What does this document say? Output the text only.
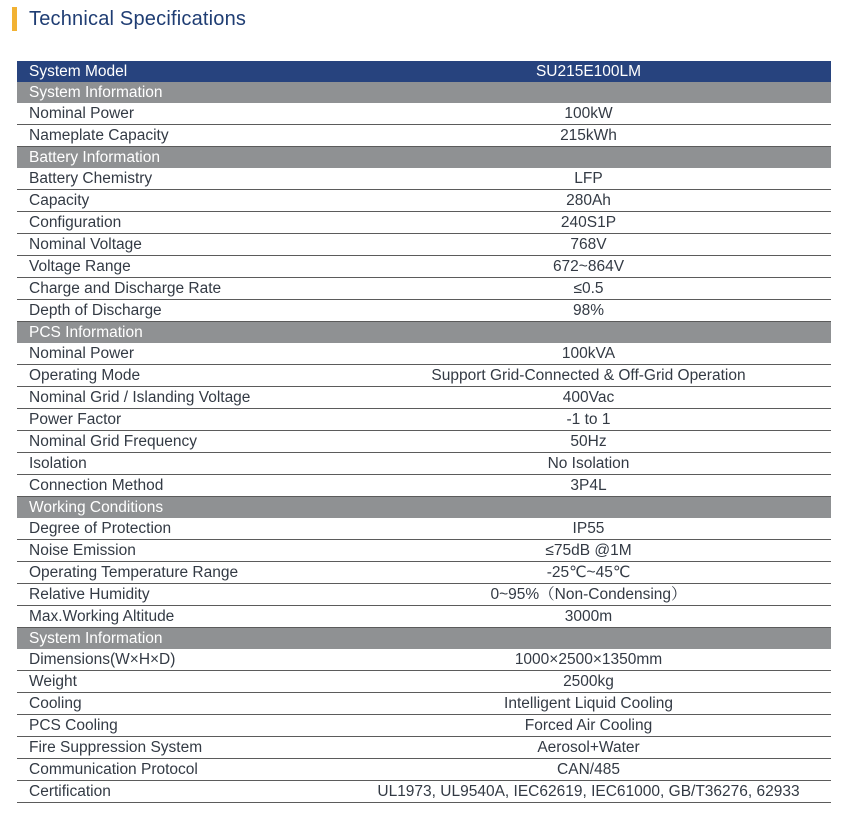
Technical Specifications
System Model	SU215E100LM
System Information	
Nominal Power	100kW
Nameplate Capacity	215kWh
Battery Information	
Battery Chemistry	LFP
Capacity	280Ah
Configuration	240S1P
Nominal Voltage	768V
Voltage Range	672~864V
Charge and Discharge Rate	≤0.5
Depth of Discharge	98%
PCS Information	
Nominal Power	100kVA
Operating Mode	Support Grid-Connected & Off-Grid Operation
Nominal Grid / Islanding Voltage	400Vac
Power Factor	-1 to 1
Nominal Grid Frequency	50Hz
Isolation	No Isolation
Connection Method	3P4L
Working Conditions	
Degree of Protection	IP55
Noise Emission	≤75dB @1M
Operating Temperature Range	-25℃~45℃
Relative Humidity	0~95%（Non-Condensing）
Max.Working Altitude	3000m
System Information	
Dimensions(W×H×D)	1000×2500×1350mm
Weight	2500kg
Cooling	Intelligent Liquid Cooling
PCS Cooling	Forced Air Cooling
Fire Suppression System	Aerosol+Water
Communication Protocol	CAN/485
Certification	UL1973, UL9540A, IEC62619, IEC61000, GB/T36276, 62933
